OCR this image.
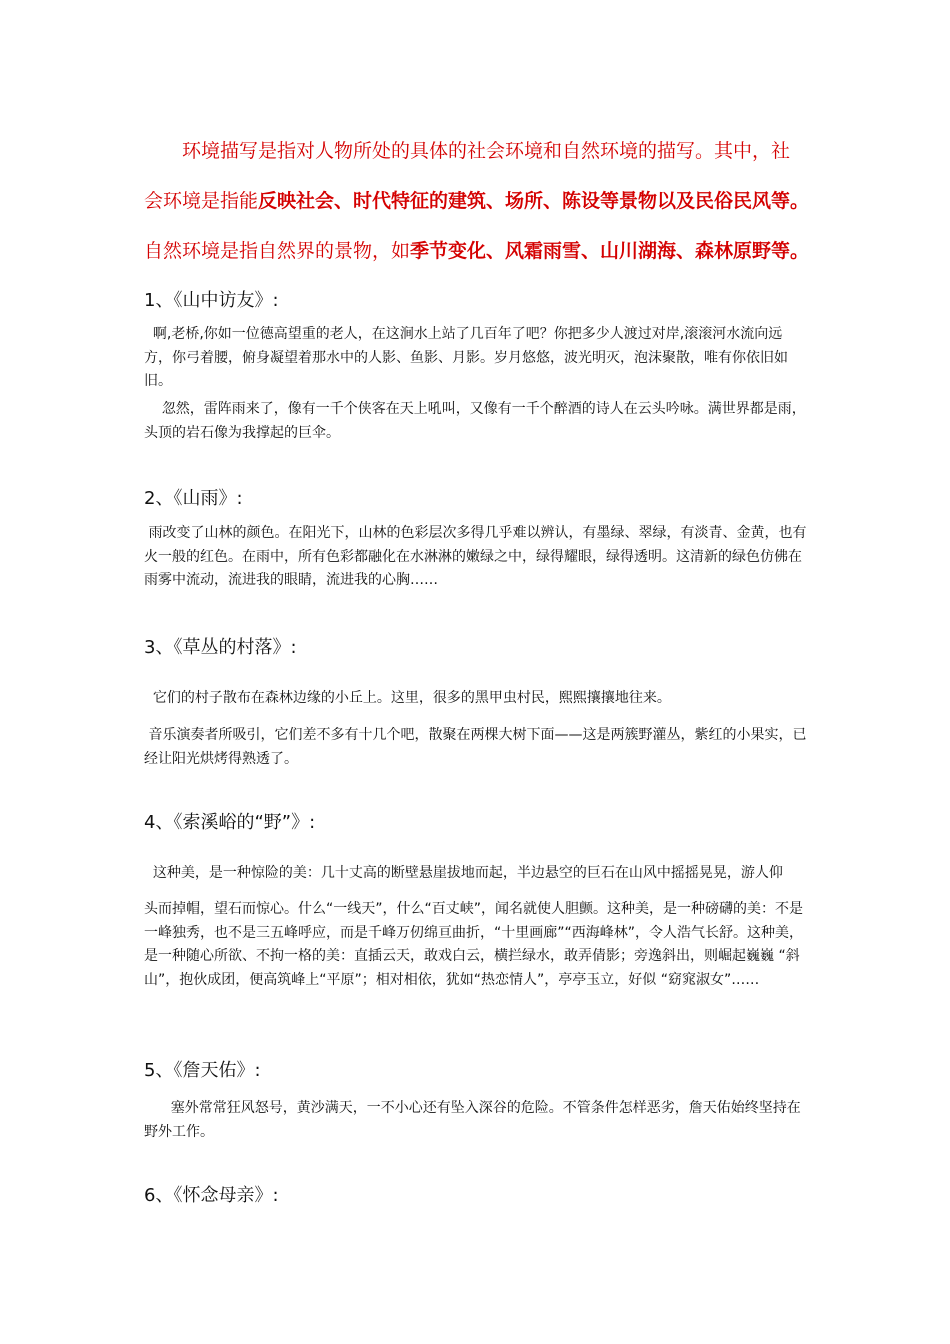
环境描写是指对人物所处的具体的社会环境和自然环境的描写。其中，社
会环境是指能反映社会、时代特征的建筑、场所、陈设等景物以及民俗民风等。
自然环境是指自然界的景物，如季节变化、风霜雨雪、山川湖海、森林原野等。
1、《山中访友》:
啊,老桥,你如一位德高望重的老人，在这涧水上站了几百年了吧？你把多少人渡过对岸,滚滚河水流向远方，你弓着腰，俯身凝望着那水中的人影、鱼影、月影。岁月悠悠，波光明灭，泡沫聚散，唯有你依旧如旧。
忽然，雷阵雨来了，像有一千个侠客在天上吼叫，又像有一千个醉酒的诗人在云头吟咏。满世界都是雨，头顶的岩石像为我撑起的巨伞。
2、《山雨》:
雨改变了山林的颜色。在阳光下，山林的色彩层次多得几乎难以辨认，有墨绿、翠绿，有淡青、金黄，也有火一般的红色。在雨中，所有色彩都融化在水淋淋的嫩绿之中，绿得耀眼，绿得透明。这清新的绿色仿佛在雨雾中流动，流进我的眼睛，流进我的心胸……
3、《草丛的村落》:
它们的村子散布在森林边缘的小丘上。这里，很多的黑甲虫村民，熙熙攘攘地往来。
音乐演奏者所吸引，它们差不多有十几个吧，散聚在两棵大树下面——这是两簇野灌丛，紫红的小果实，已经让阳光烘烤得熟透了。
4、《索溪峪的“野”》:
这种美，是一种惊险的美：几十丈高的断壁悬崖拔地而起，半边悬空的巨石在山风中摇摇晃晃，游人仰
头而掉帽，望石而惊心。什么“一线天”，什么“百丈峡”，闻名就使人胆颤。这种美，是一种磅礴的美：不是一峰独秀，也不是三五峰呼应，而是千峰万仞绵亘曲折，“十里画廊”“西海峰林”，令人浩气长舒。这种美，是一种随心所欲、不拘一格的美：直插云天，敢戏白云，横拦绿水，敢弄倩影；旁逸斜出，则崛起巍巍 “斜山”，抱伙成团，便高筑峰上“平原”；相对相依，犹如“热恋情人”，亭亭玉立，好似 “窈窕淑女”……
5、《詹天佑》:
塞外常常狂风怒号，黄沙满天，一不小心还有坠入深谷的危险。不管条件怎样恶劣，詹天佑始终坚持在野外工作。
6、《怀念母亲》:
